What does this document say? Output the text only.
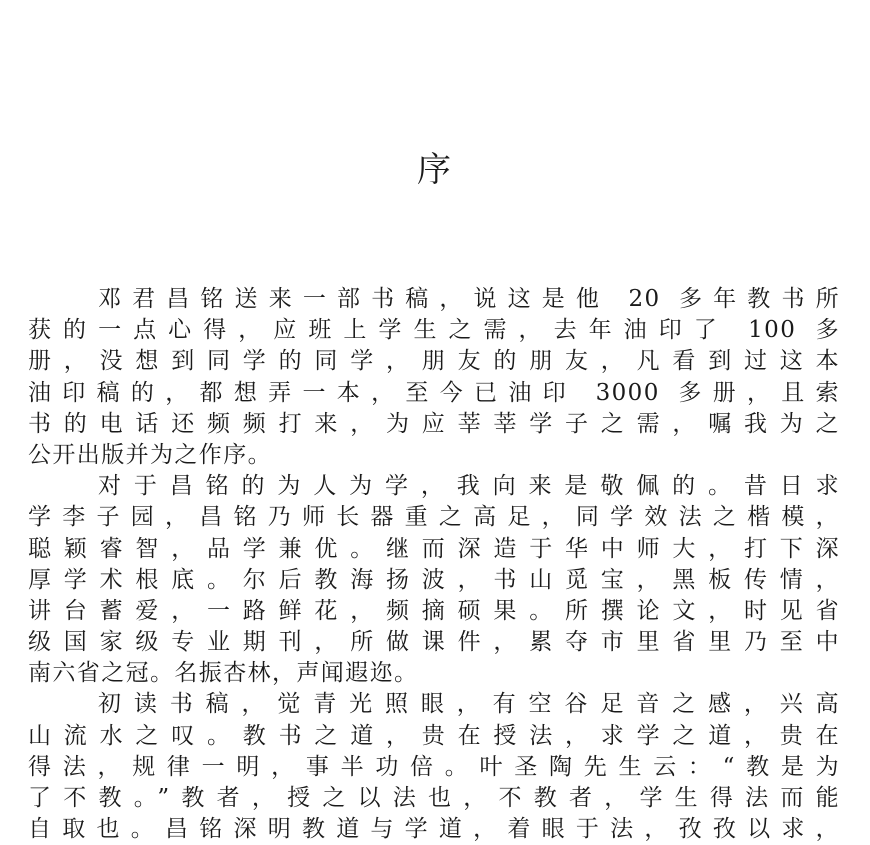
序
邓君昌铭送来一部书稿，说这是他 20 多年教书所
获的一点心得，应班上学生之需，去年油印了 100 多
册，没想到同学的同学，朋友的朋友，凡看到过这本
油印稿的，都想弄一本，至今已油印 3000 多册，且索
书的电话还频频打来，为应莘莘学子之需，嘱我为之
公开出版并为之作序。
对于昌铭的为人为学，我向来是敬佩的。昔日求
学李子园，昌铭乃师长器重之高足，同学效法之楷模，
聪颖睿智，品学兼优。继而深造于华中师大，打下深
厚学术根底。尔后教海扬波，书山觅宝，黑板传情，
讲台蓄爱，一路鲜花，频摘硕果。所撰论文，时见省
级国家级专业期刊，所做课件，累夺市里省里乃至中
南六省之冠。名振杏林，声闻遐迩。
初读书稿，觉青光照眼，有空谷足音之感，兴高
山流水之叹。教书之道，贵在授法，求学之道，贵在
得法，规律一明，事半功倍。叶圣陶先生云：“教是为
了不教。”教者，授之以法也，不教者，学生得法而能
自取也。昌铭深明教道与学道，着眼于法，孜孜以求，
